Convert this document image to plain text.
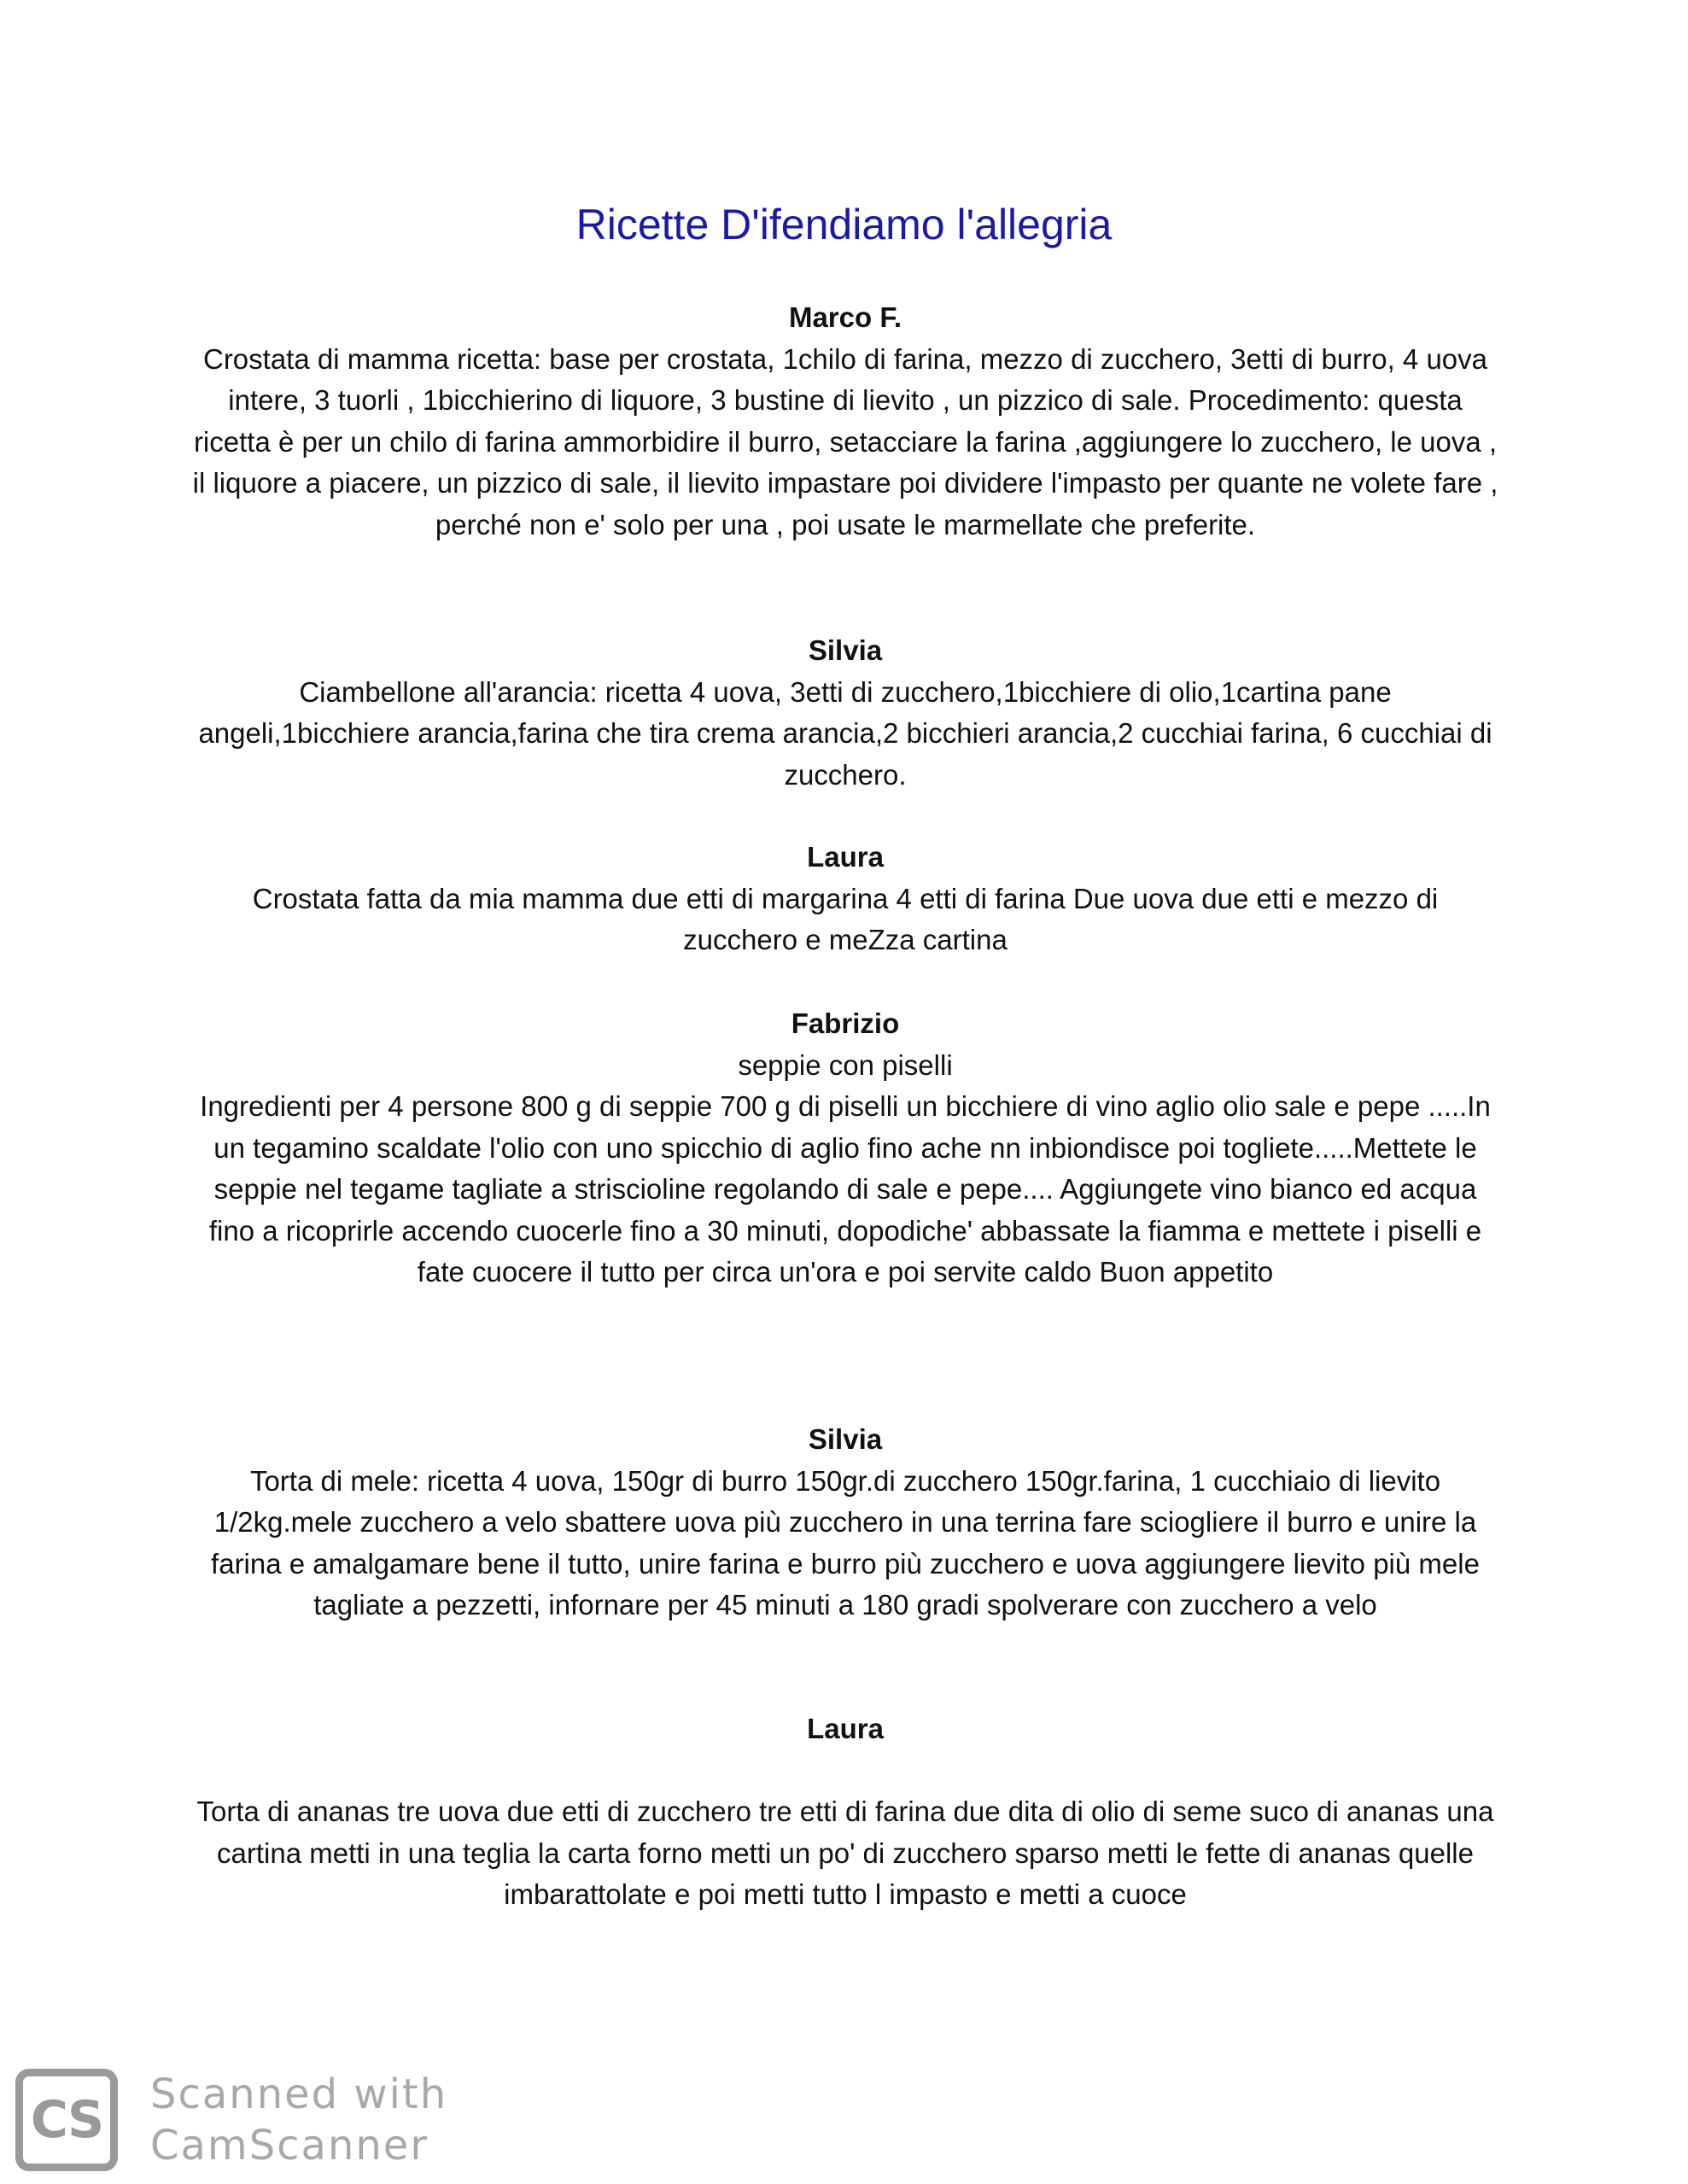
Ricette D'ifendiamo l'allegria
Marco F.
Crostata di mamma ricetta: base per crostata, 1chilo di farina, mezzo di zucchero, 3etti di burro, 4 uova intere, 3 tuorli , 1bicchierino di liquore, 3 bustine di lievito , un pizzico di sale. Procedimento: questa ricetta è per un chilo di farina ammorbidire il burro, setacciare la farina ,aggiungere lo zucchero, le uova , il liquore a piacere, un pizzico di sale, il lievito impastare poi dividere l'impasto per quante ne volete fare , perché non e' solo per una , poi usate le marmellate che preferite.
Silvia
Ciambellone all'arancia: ricetta 4 uova, 3etti di zucchero,1bicchiere di olio,1cartina pane angeli,1bicchiere arancia,farina che tira crema arancia,2 bicchieri arancia,2 cucchiai farina, 6 cucchiai di zucchero.
Laura
Crostata fatta da mia mamma due etti di margarina 4 etti di farina Due uova due etti e mezzo di zucchero e meZza cartina
Fabrizio
seppie con piselli
Ingredienti per 4 persone 800 g di seppie 700 g di piselli un bicchiere di vino aglio olio sale e pepe .....In un tegamino scaldate l'olio con uno spicchio di aglio fino ache nn inbiondisce poi togliete.....Mettete le seppie nel tegame tagliate a striscioline regolando di sale e pepe.... Aggiungete vino bianco ed acqua fino a ricoprirle accendo cuocerle fino a 30 minuti, dopodiche' abbassate la fiamma e mettete i piselli e fate cuocere il tutto per circa un'ora e poi servite caldo Buon appetito
Silvia
Torta di mele: ricetta 4 uova, 150gr di burro 150gr.di zucchero 150gr.farina, 1 cucchiaio di lievito 1/2kg.mele zucchero a velo sbattere uova più zucchero in una terrina fare sciogliere il burro e unire la farina e amalgamare bene il tutto, unire farina e burro più zucchero e uova aggiungere lievito più mele tagliate a pezzetti, infornare per 45 minuti a 180 gradi spolverare con zucchero a velo
Laura
Torta di ananas tre uova due etti di zucchero tre etti di farina due dita di olio di seme suco di ananas una cartina metti in una teglia la carta forno metti un po' di zucchero sparso metti le fette di ananas quelle imbarattolate e poi metti tutto l impasto e metti a cuoce
CS	Scanned with
CamScanner
